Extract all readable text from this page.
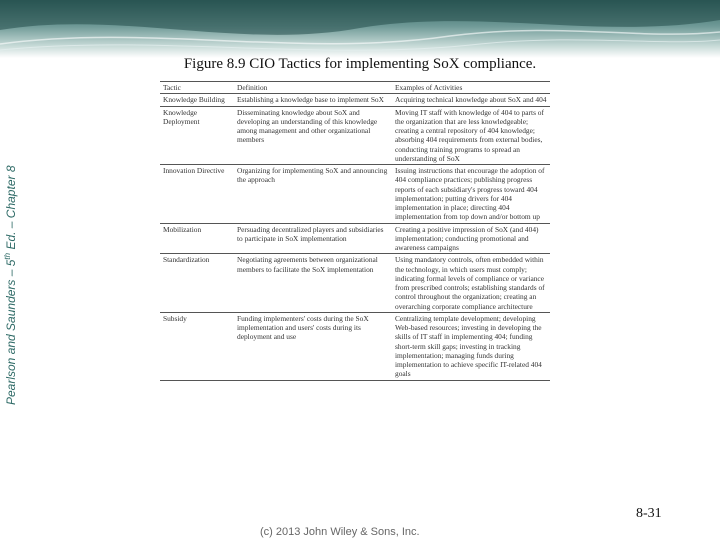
Pearlson and Saunders – 5th Ed. – Chapter 8
Figure 8.9 CIO Tactics for implementing SoX compliance.
Tactic	Definition	Examples of Activities
Knowledge Building	Establishing a knowledge base to implement SoX	Acquiring technical knowledge about SoX and 404
Knowledge Deployment	Disseminating knowledge about SoX and developing an understanding of this knowledge among management and other organizational members	Moving IT staff with knowledge of 404 to parts of the organization that are less knowledgeable; creating a central repository of 404 knowledge; absorbing 404 requirements from external bodies, conducting training programs to spread an understanding of SoX
Innovation Directive	Organizing for implementing SoX and announcing the approach	Issuing instructions that encourage the adoption of 404 compliance practices; publishing progress reports of each subsidiary's progress toward 404 implementation; putting drivers for 404 implementation in place; directing 404 implementation from top down and/or bottom up
Mobilization	Persuading decentralized players and subsidiaries to participate in SoX implementation	Creating a positive impression of SoX (and 404) implementation; conducting promotional and awareness campaigns
Standardization	Negotiating agreements between organizational members to facilitate the SoX implementation	Using mandatory controls, often embedded within the technology, in which users must comply; indicating formal levels of compliance or variance from prescribed controls; establishing standards of control throughout the organization; creating an overarching corporate compliance architecture
Subsidy	Funding implementers' costs during the SoX implementation and users' costs during its deployment and use	Centralizing template development; developing Web-based resources; investing in developing the skills of IT staff in implementing 404; funding short-term skill gaps; investing in tracking implementation; managing funds during implementation to achieve specific IT-related 404 goals
(c) 2013 John Wiley & Sons, Inc.
8-31
